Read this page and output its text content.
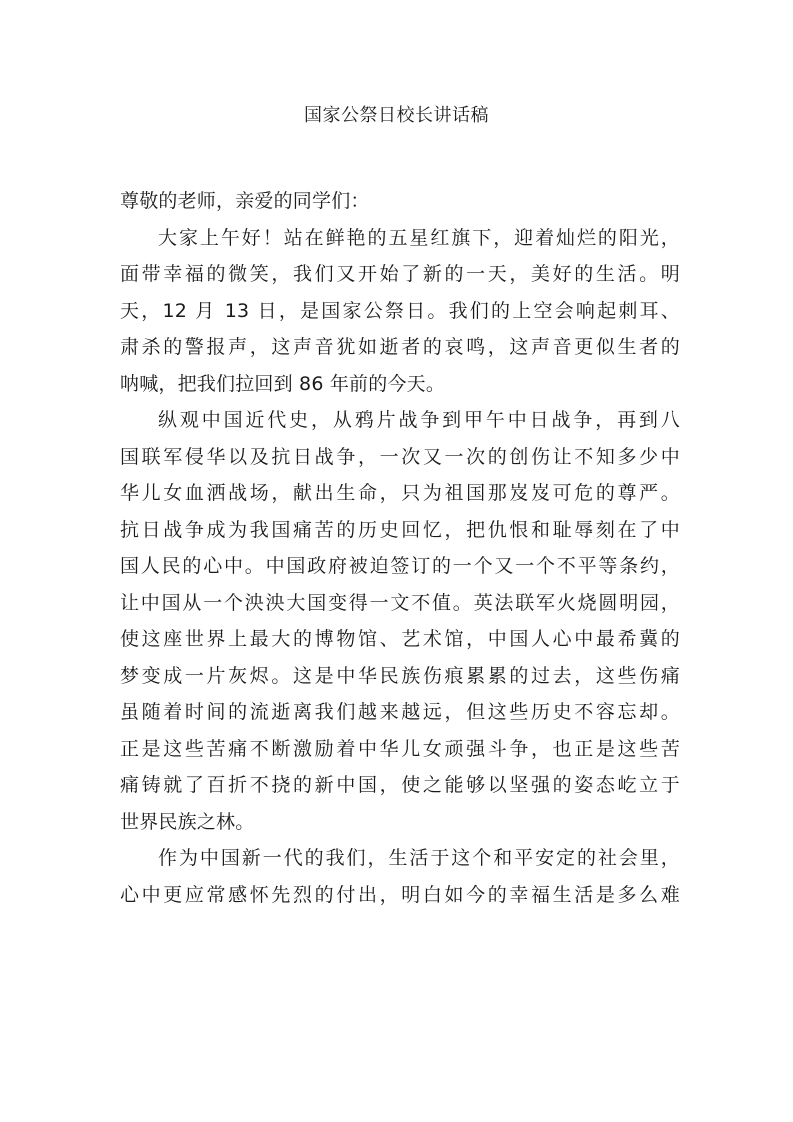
国家公祭日校长讲话稿
尊敬的老师，亲爱的同学们：
大家上午好！站在鲜艳的五星红旗下，迎着灿烂的阳光，
面带幸福的微笑，我们又开始了新的一天，美好的生活。明
天，12 月 13 日，是国家公祭日。我们的上空会响起刺耳、
肃杀的警报声，这声音犹如逝者的哀鸣，这声音更似生者的
呐喊，把我们拉回到 86 年前的今天。
纵观中国近代史，从鸦片战争到甲午中日战争，再到八
国联军侵华以及抗日战争，一次又一次的创伤让不知多少中
华儿女血洒战场，献出生命，只为祖国那岌岌可危的尊严。
抗日战争成为我国痛苦的历史回忆，把仇恨和耻辱刻在了中
国人民的心中。中国政府被迫签订的一个又一个不平等条约，
让中国从一个泱泱大国变得一文不值。英法联军火烧圆明园，
使这座世界上最大的博物馆、艺术馆，中国人心中最希冀的
梦变成一片灰烬。这是中华民族伤痕累累的过去，这些伤痛
虽随着时间的流逝离我们越来越远，但这些历史不容忘却。
正是这些苦痛不断激励着中华儿女顽强斗争，也正是这些苦
痛铸就了百折不挠的新中国，使之能够以坚强的姿态屹立于
世界民族之林。
作为中国新一代的我们，生活于这个和平安定的社会里，
心中更应常感怀先烈的付出，明白如今的幸福生活是多么难
